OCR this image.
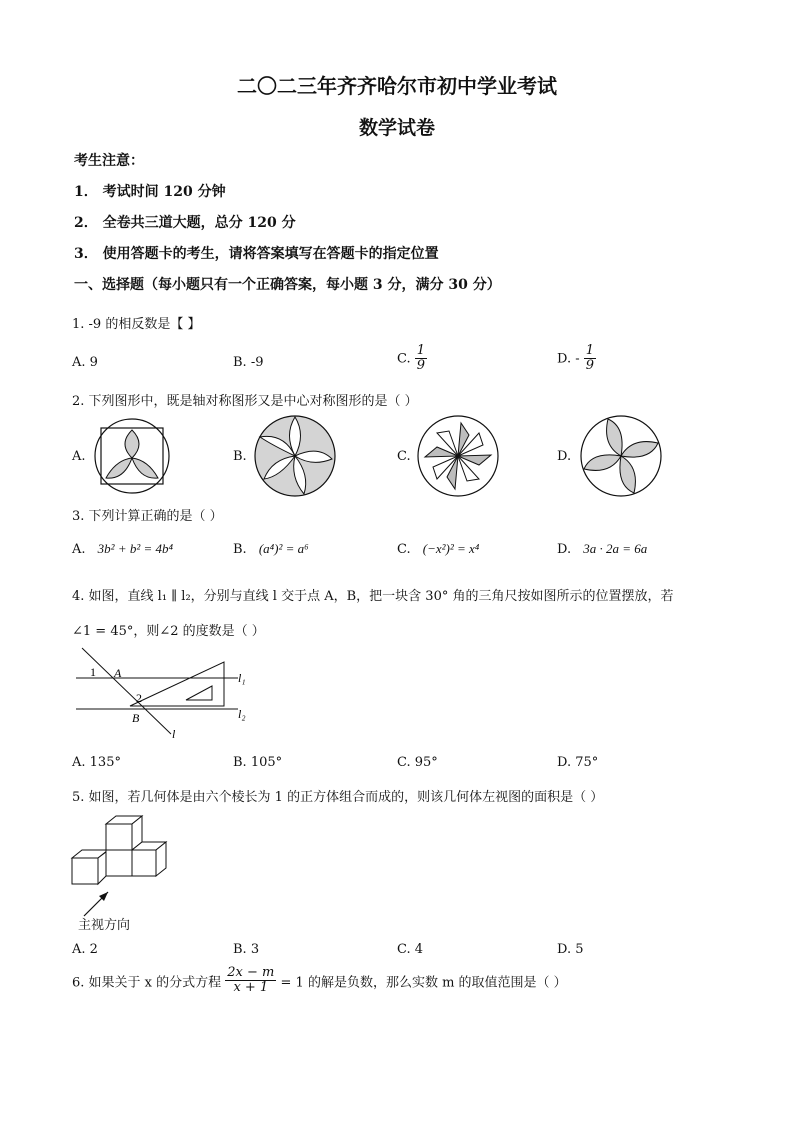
二〇二三年齐齐哈尔市初中学业考试
数学试卷
考生注意：
1． 考试时间 120 分钟
2． 全卷共三道大题，总分 120 分
3． 使用答题卡的考生，请将答案填写在答题卡的指定位置
一、选择题（每小题只有一个正确答案，每小题 3 分，满分 30 分）
1. -9 的相反数是【 】
A. 9	B. -9	C. $\frac{1}{9}$	D. - $\frac{1}{9}$
2. 下列图形中，既是轴对称图形又是中心对称图形的是（ ）
A.	B.	C.	D.
3. 下列计算正确的是（ ）
A. 3b² + b² = 4b⁴	B. (a⁴)² = a⁶	C. (−x²)² = x⁴	D. 3a · 2a = 6a
4. 如图，直线 l₁ ∥ l₂，分别与直线 l 交于点 A，B，把一块含 30° 角的三角尺按如图所示的位置摆放，若
∠1 = 45°，则∠2 的度数是（ ）
1 A
2
B
l
l₁
l₂
A. 135°	B. 105°	C. 95°	D. 75°
5. 如图，若几何体是由六个棱长为 1 的正方体组合而成的，则该几何体左视图的面积是（ ）
主视方向
A. 2	B. 3	C. 4	D. 5
6. 如果关于 x 的分式方程 $\frac{2x - m}{x + 1} = 1$ 的解是负数，那么实数 m 的取值范围是（ ）
